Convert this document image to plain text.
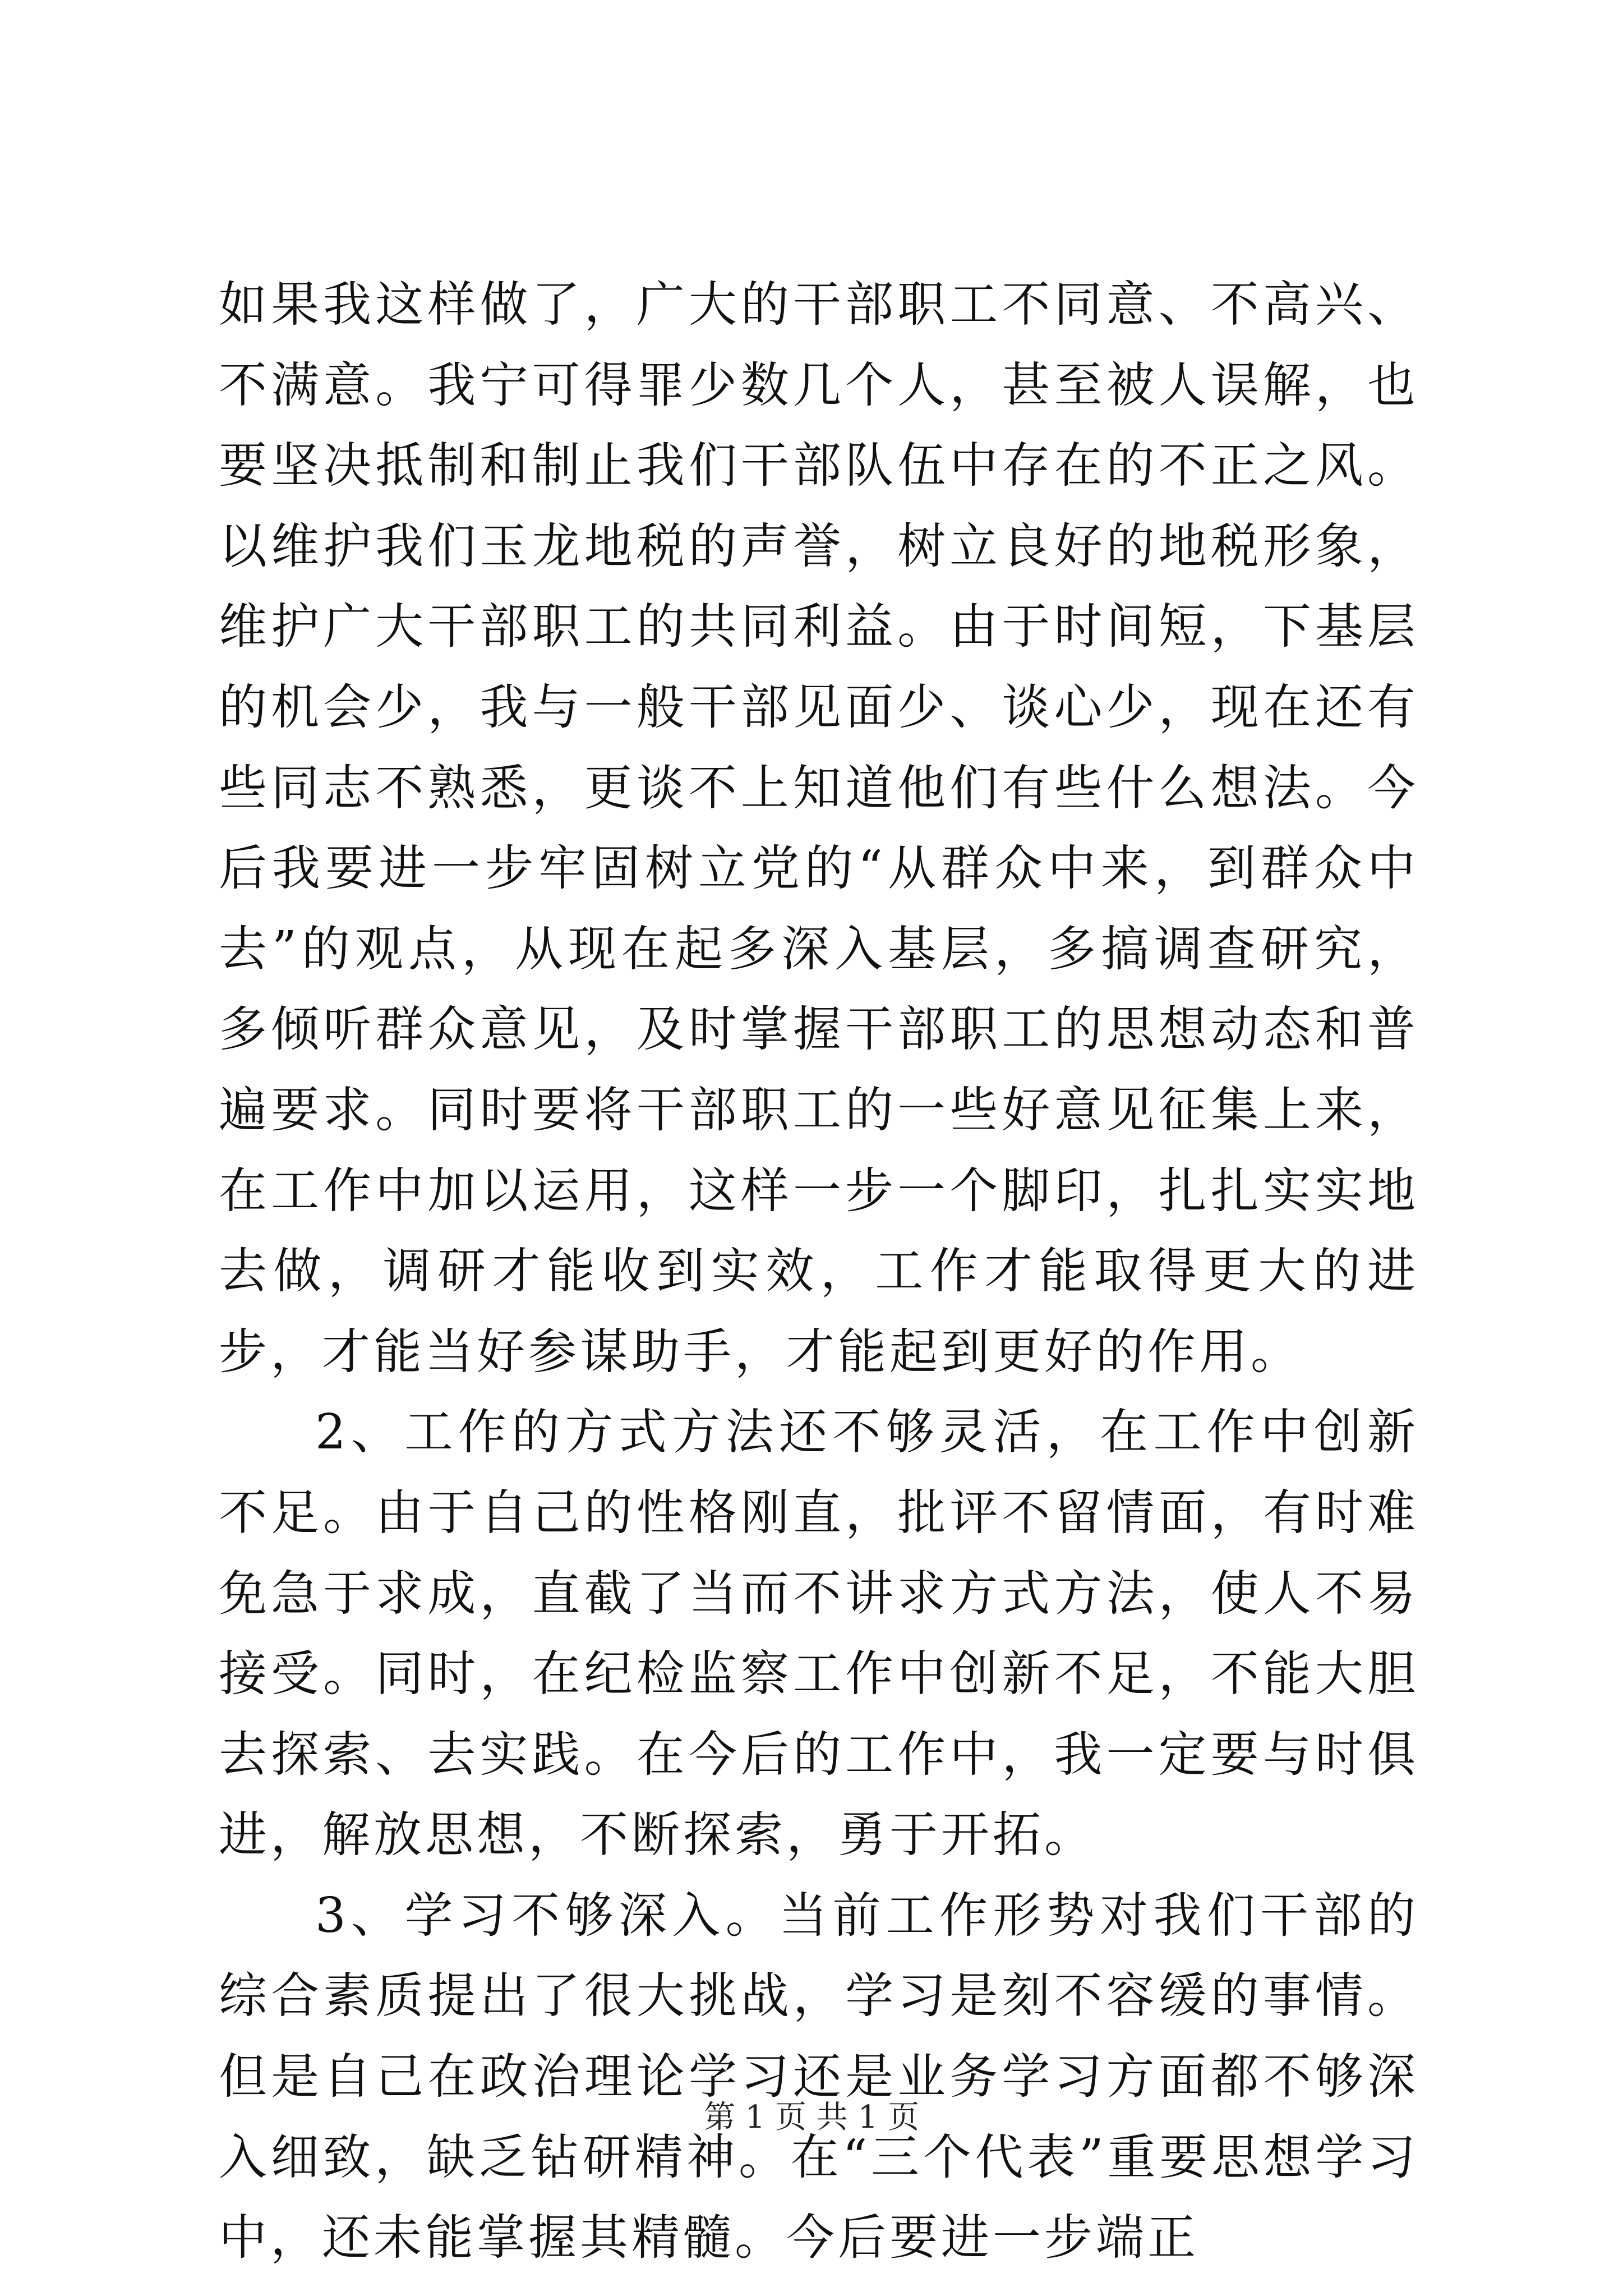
如果我这样做了，广大的干部职工不同意、不高兴、不满意。我宁可得罪少数几个人，甚至被人误解，也要坚决抵制和制止我们干部队伍中存在的不正之风。以维护我们玉龙地税的声誉，树立良好的地税形象，维护广大干部职工的共同利益。由于时间短，下基层的机会少，我与一般干部见面少、谈心少，现在还有些同志不熟悉，更谈不上知道他们有些什么想法。今后我要进一步牢固树立党的“从群众中来，到群众中去”的观点，从现在起多深入基层，多搞调查研究，多倾听群众意见，及时掌握干部职工的思想动态和普遍要求。同时要将干部职工的一些好意见征集上来，在工作中加以运用，这样一步一个脚印，扎扎实实地去做，调研才能收到实效，工作才能取得更大的进步，才能当好参谋助手，才能起到更好的作用。

2、工作的方式方法还不够灵活，在工作中创新不足。由于自己的性格刚直，批评不留情面，有时难免急于求成，直截了当而不讲求方式方法，使人不易接受。同时，在纪检监察工作中创新不足，不能大胆去探索、去实践。在今后的工作中，我一定要与时俱进，解放思想，不断探索，勇于开拓。

3、学习不够深入。当前工作形势对我们干部的综合素质提出了很大挑战，学习是刻不容缓的事情。但是自己在政治理论学习还是业务学习方面都不够深入细致，缺乏钻研精神。在“三个代表”重要思想学习中，还未能掌握其精髓。今后要进一步端正

第 1 页 共 1 页
